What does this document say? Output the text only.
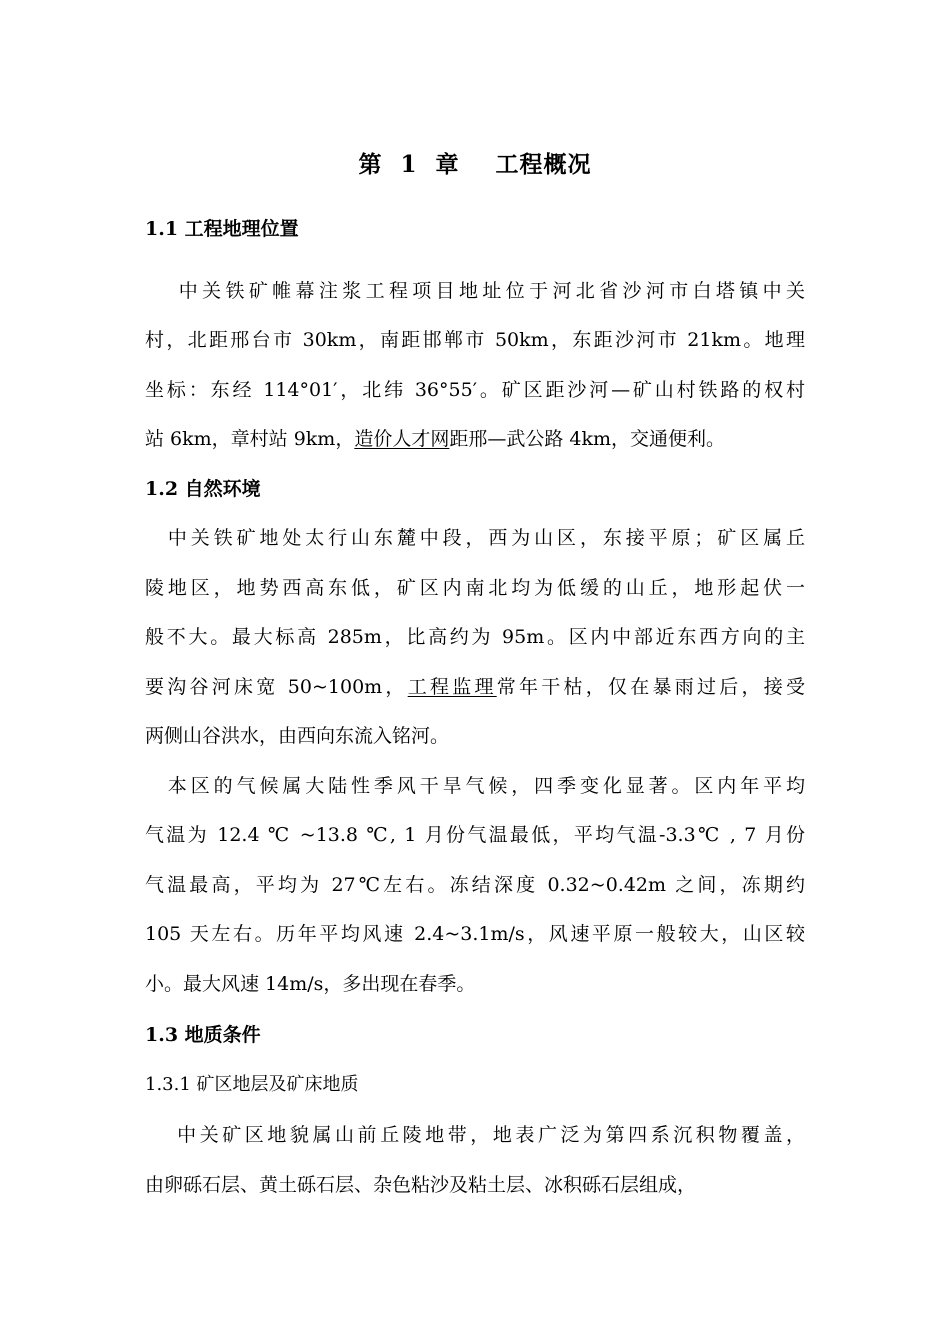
第  1  章    工程概况
1.1 工程地理位置
　 中关铁矿帷幕注浆工程项目地址位于河北省沙河市白塔镇中关
村，北距邢台市 30km，南距邯郸市 50km，东距沙河市 21km。地理
坐标：东经 114°01′，北纬 36°55′。矿区距沙河—矿山村铁路的权村
站 6km，章村站 9km，造价人才网距邢—武公路 4km，交通便利。
1.2 自然环境
　中关铁矿地处太行山东麓中段，西为山区，东接平原；矿区属丘
陵地区，地势西高东低，矿区内南北均为低缓的山丘，地形起伏一
般不大。最大标高 285m，比高约为 95m。区内中部近东西方向的主
要沟谷河床宽 50~100m，工程监理常年干枯，仅在暴雨过后，接受
两侧山谷洪水，由西向东流入铭河。
　本区的气候属大陆性季风干旱气候，四季变化显著。区内年平均
气温为 12.4 ℃ ~13.8 ℃, 1 月份气温最低，平均气温-3.3℃ , 7 月份
气温最高，平均为 27℃左右。冻结深度 0.32~0.42m 之间，冻期约
105 天左右。历年平均风速 2.4~3.1m/s，风速平原一般较大，山区较
小。最大风速 14m/s，多出现在春季。
1.3 地质条件
1.3.1 矿区地层及矿床地质
　 中关矿区地貌属山前丘陵地带，地表广泛为第四系沉积物覆盖，
由卵砾石层、黄土砾石层、杂色粘沙及粘土层、冰积砾石层组成，
